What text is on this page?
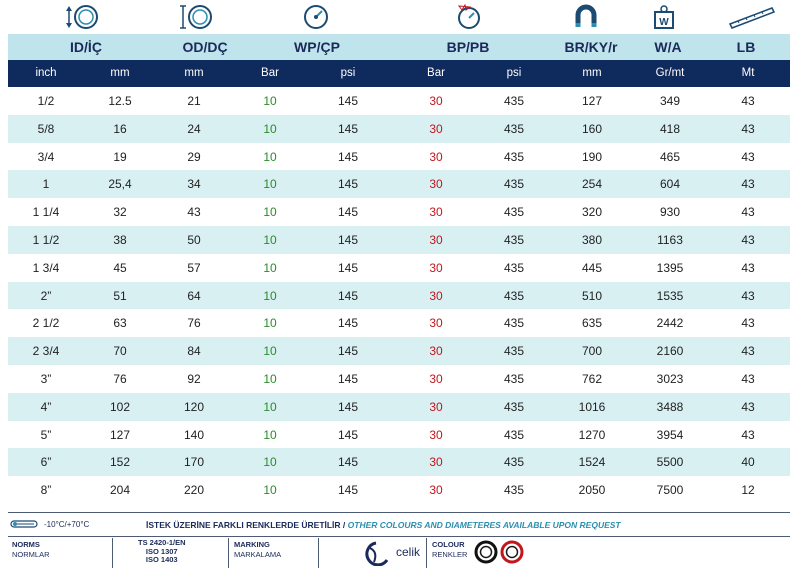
W
ID/İÇ	OD/DÇ	WP/ÇP	BP/PB	BR/KY/r	W/A	LB
inch	mm	mm	Bar	psi	Bar	psi	mm	Gr/mt	Mt
1/2	12.5	21	10	145	30	435	127	349	43
5/8	16	24	10	145	30	435	160	418	43
3/4	19	29	10	145	30	435	190	465	43
1	25,4	34	10	145	30	435	254	604	43
1 1/4	32	43	10	145	30	435	320	930	43
1 1/2	38	50	10	145	30	435	380	1163	43
1 3/4	45	57	10	145	30	435	445	1395	43
2”	51	64	10	145	30	435	510	1535	43
2 1/2	63	76	10	145	30	435	635	2442	43
2 3/4	70	84	10	145	30	435	700	2160	43
3”	76	92	10	145	30	435	762	3023	43
4”	102	120	10	145	30	435	1016	3488	43
5”	127	140	10	145	30	435	1270	3954	43
6”	152	170	10	145	30	435	1524	5500	40
8”	204	220	10	145	30	435	2050	7500	12
-10°C/+70°C	İSTEK ÜZERİNE FARKLI RENKLERDE ÜRETİLİR / OTHER COLOURS AND DIAMETERES AVAILABLE UPON REQUEST
NORMS
NORMLAR
TS 2420-1/EN
ISO 1307
ISO 1403
MARKING
MARKALAMA	celik
COLOUR
RENKLER
